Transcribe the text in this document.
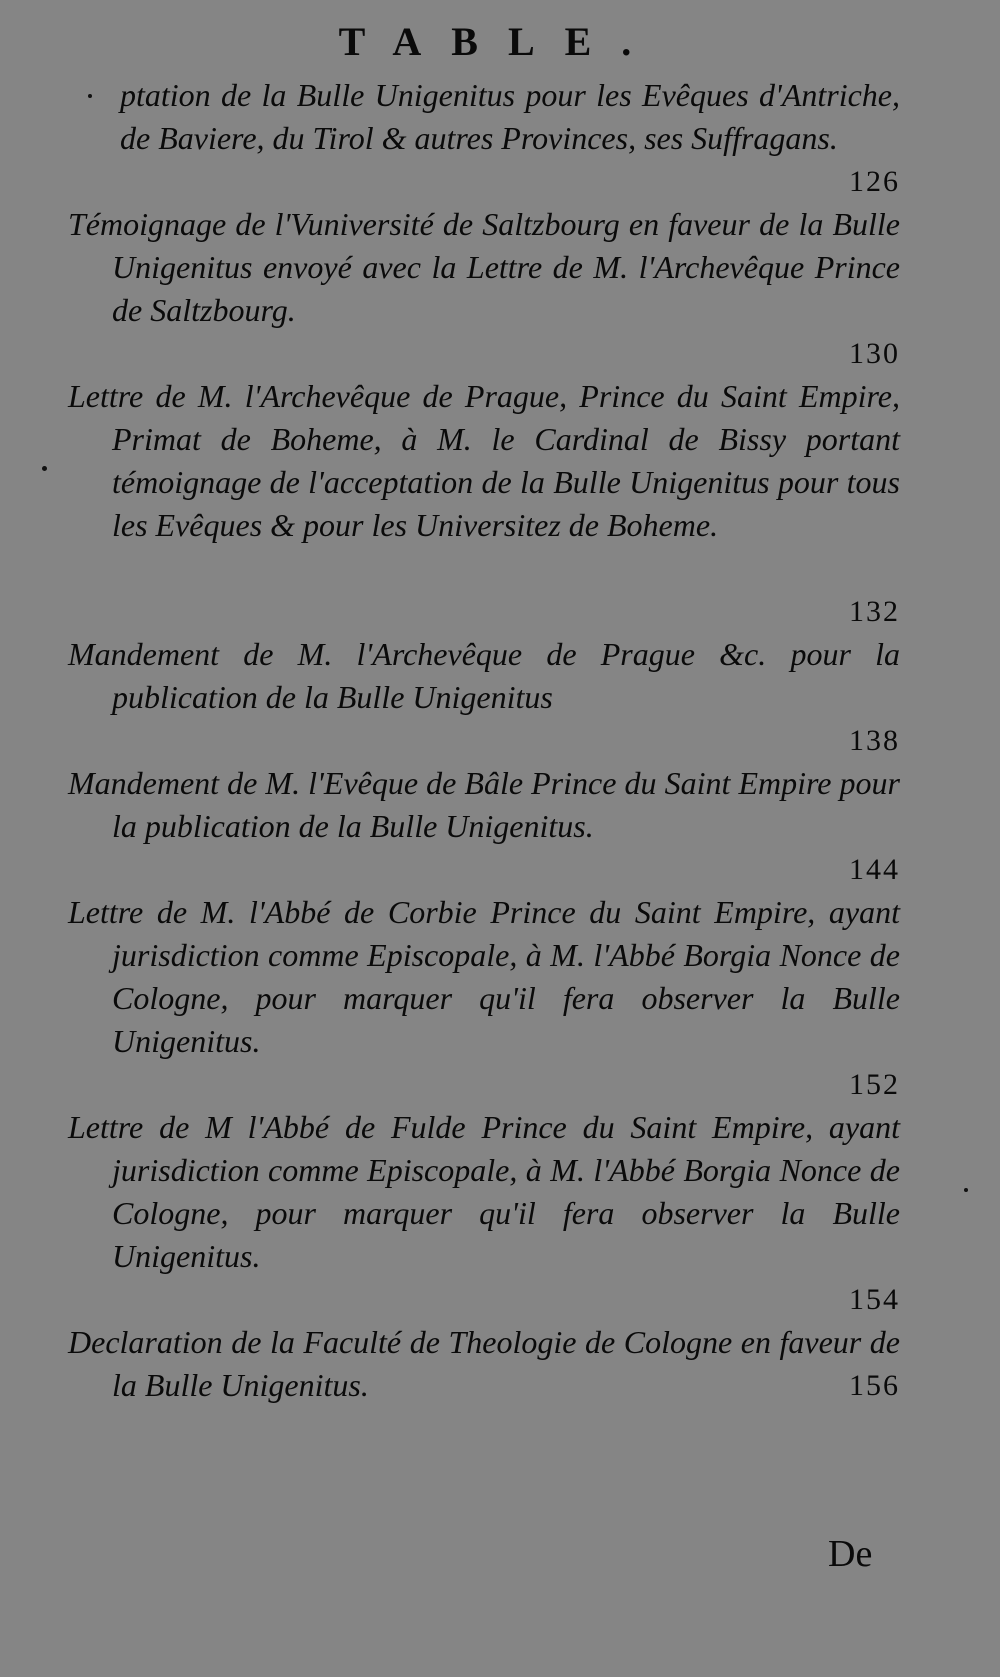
TABLE.
ptation de la Bulle Unigenitus pour les Evêques d'Antriche, de Baviere, du Tirol & autres Provinces, ses Suffragans.
126
Témoignage de l'Vuniversité de Saltzbourg en faveur de la Bulle Unigenitus envoyé avec la Lettre de M. l'Archevêque Prince de Saltzbourg.
130
Lettre de M. l'Archevêque de Prague, Prince du Saint Empire, Primat de Boheme, à M. le Cardinal de Bissy portant témoignage de l'acceptation de la Bulle Unigenitus pour tous les Evêques & pour les Universitez de Boheme.
132
Mandement de M. l'Archevêque de Prague &c. pour la publication de la Bulle Unigenitus
138
Mandement de M. l'Evêque de Bâle Prince du Saint Empire pour la publication de la Bulle Unigenitus.
144
Lettre de M. l'Abbé de Corbie Prince du Saint Empire, ayant jurisdiction comme Episcopale, à M. l'Abbé Borgia Nonce de Cologne, pour marquer qu'il fera observer la Bulle Unigenitus.
152
Lettre de M l'Abbé de Fulde Prince du Saint Empire, ayant jurisdiction comme Episcopale, à M. l'Abbé Borgia Nonce de Cologne, pour marquer qu'il fera observer la Bulle Unigenitus.
154
Declaration de la Faculté de Theologie de Cologne en faveur de la Bulle Unigenitus.	156
De
